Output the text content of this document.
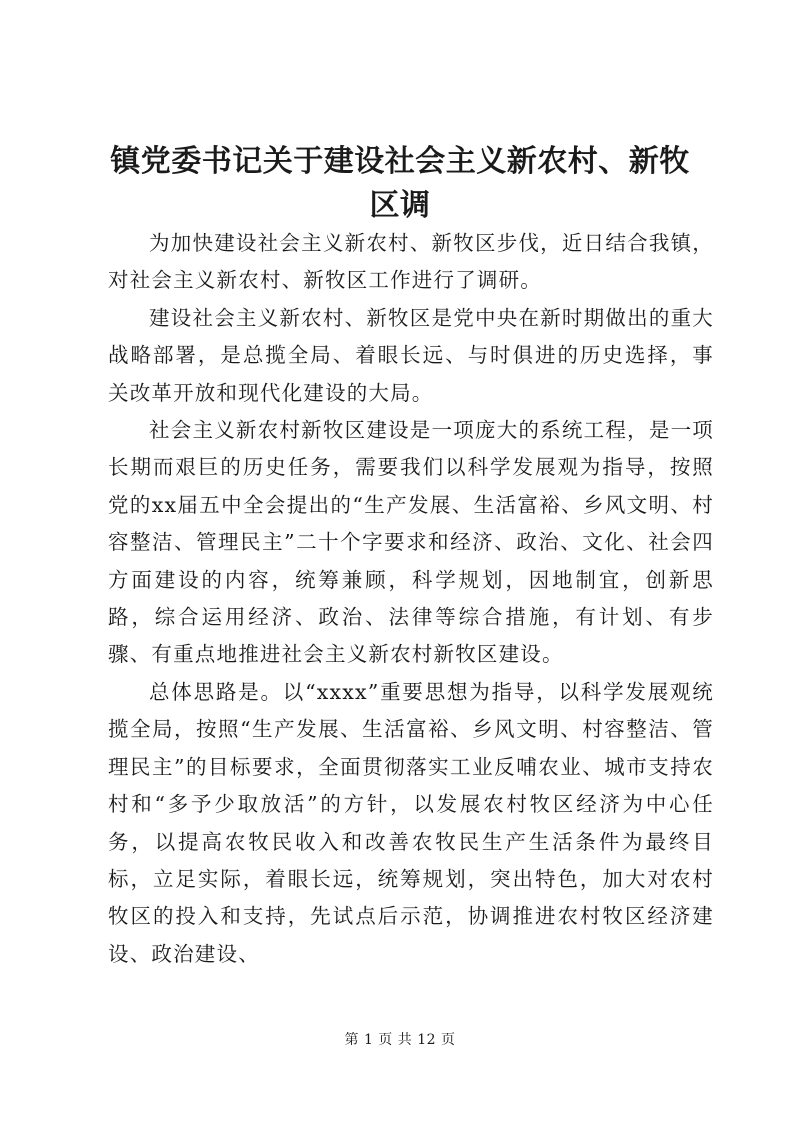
镇党委书记关于建设社会主义新农村、新牧区调

为加快建设社会主义新农村、新牧区步伐，近日结合我镇，对社会主义新农村、新牧区工作进行了调研。

建设社会主义新农村、新牧区是党中央在新时期做出的重大战略部署，是总揽全局、着眼长远、与时俱进的历史选择，事关改革开放和现代化建设的大局。

社会主义新农村新牧区建设是一项庞大的系统工程，是一项长期而艰巨的历史任务，需要我们以科学发展观为指导，按照党的xx届五中全会提出的“生产发展、生活富裕、乡风文明、村容整洁、管理民主”二十个字要求和经济、政治、文化、社会四方面建设的内容，统筹兼顾，科学规划，因地制宜，创新思路，综合运用经济、政治、法律等综合措施，有计划、有步骤、有重点地推进社会主义新农村新牧区建设。

总体思路是。以“xxxx”重要思想为指导，以科学发展观统揽全局，按照“生产发展、生活富裕、乡风文明、村容整洁、管理民主”的目标要求，全面贯彻落实工业反哺农业、城市支持农村和“多予少取放活”的方针，以发展农村牧区经济为中心任务，以提高农牧民收入和改善农牧民生产生活条件为最终目标，立足实际，着眼长远，统筹规划，突出特色，加大对农村牧区的投入和支持，先试点后示范，协调推进农村牧区经济建设、政治建设、

第 1 页 共 12 页
